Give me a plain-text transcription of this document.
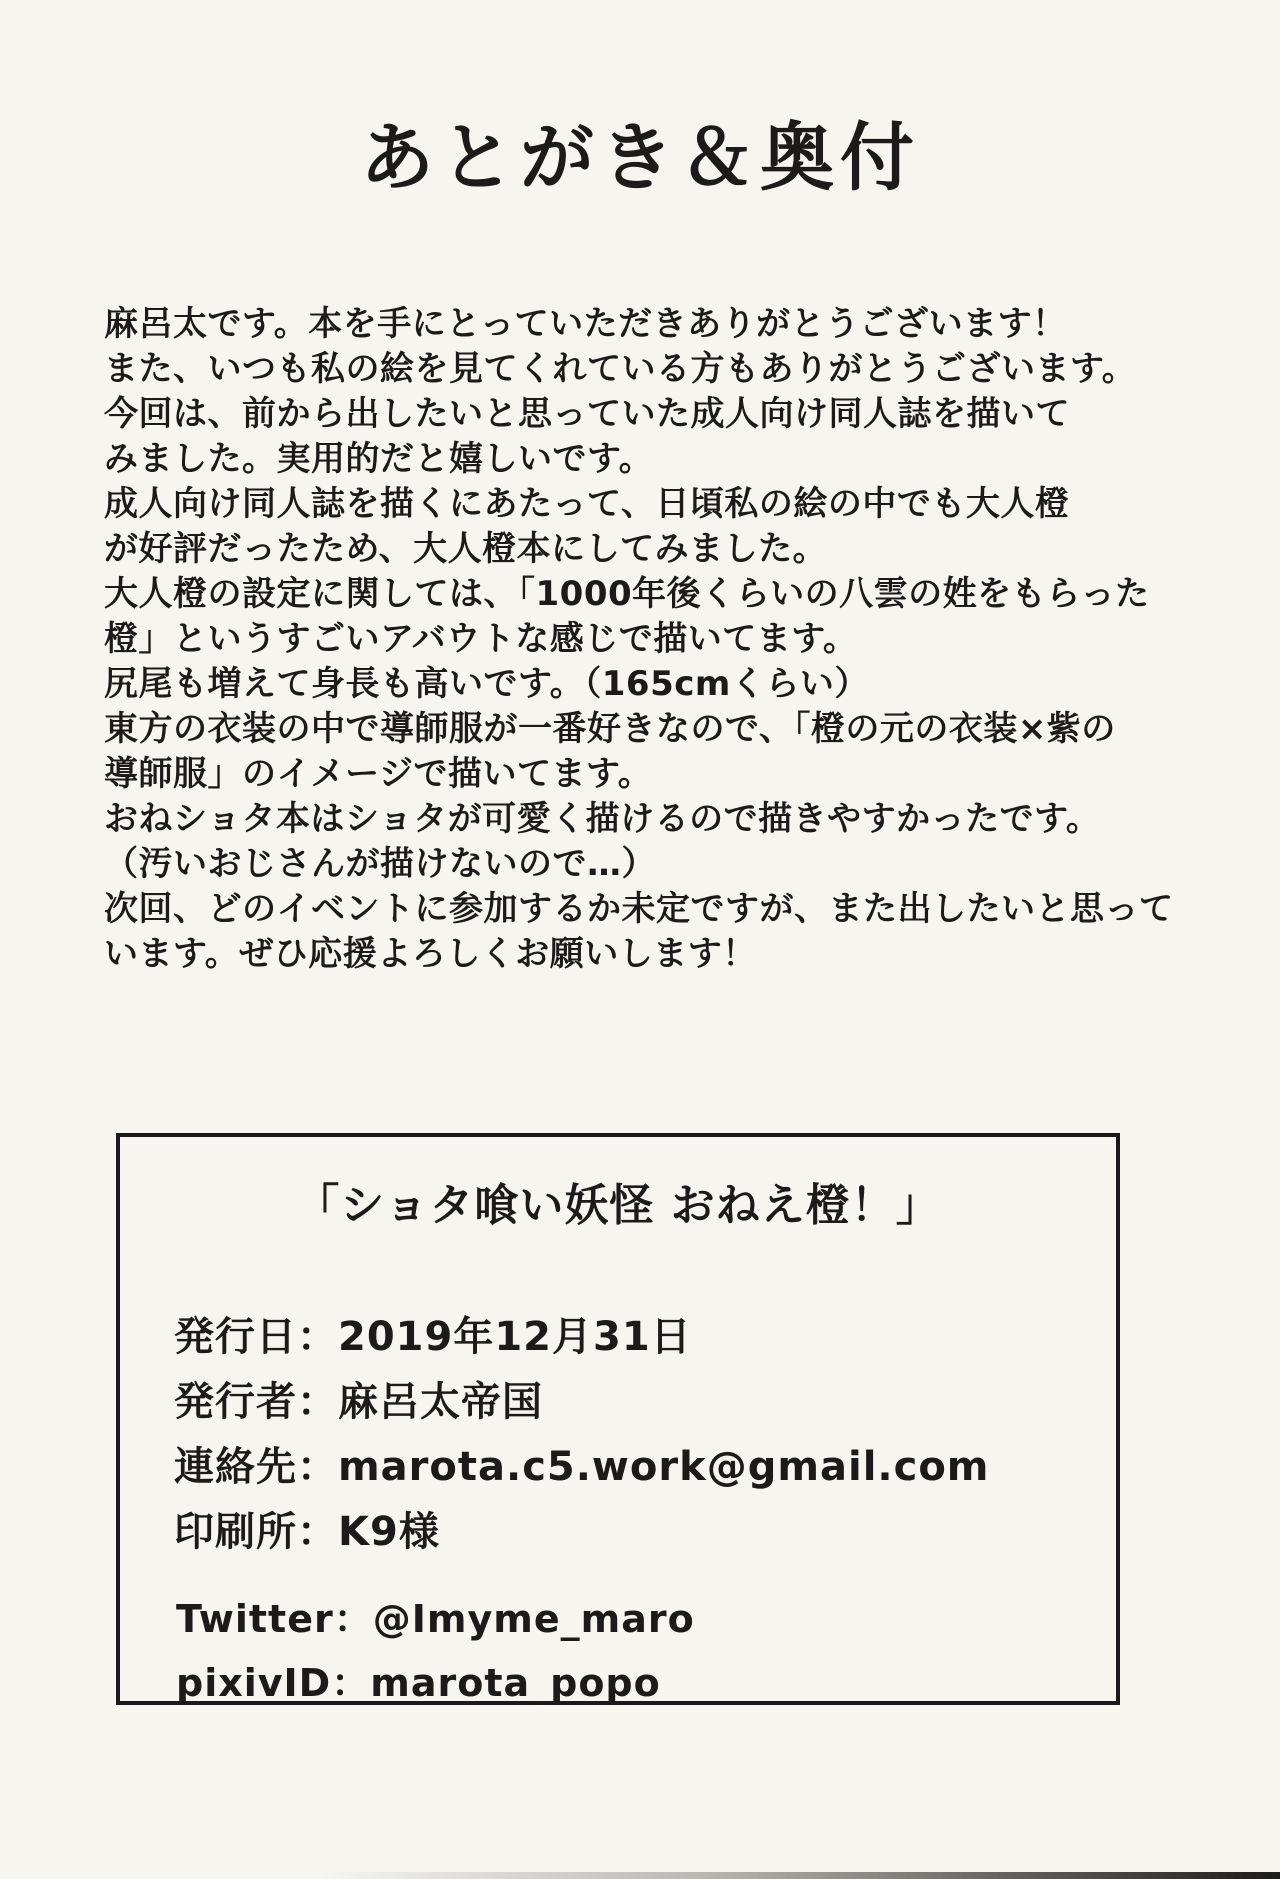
あとがき＆奥付
麻呂太です。本を手にとっていただきありがとうございます！
また、いつも私の絵を見てくれている方もありがとうございます。
今回は、前から出したいと思っていた成人向け同人誌を描いて
みました。実用的だと嬉しいです。
成人向け同人誌を描くにあたって、日頃私の絵の中でも大人橙
が好評だったため、大人橙本にしてみました。
大人橙の設定に関しては、「1000年後くらいの八雲の姓をもらった
橙」というすごいアバウトな感じで描いてます。
尻尾も増えて身長も高いです。（165cmくらい）
東方の衣装の中で導師服が一番好きなので、「橙の元の衣装×紫の
導師服」のイメージで描いてます。
おねショタ本はショタが可愛く描けるので描きやすかったです。
（汚いおじさんが描けないので…）
次回、どのイベントに参加するか未定ですが、また出したいと思って
います。ぜひ応援よろしくお願いします！
「ショタ喰い妖怪 おねえ橙！」
発行日：2019年12月31日
発行者：麻呂太帝国
連絡先：marota.c5.work@gmail.com
印刷所：K9様
Twitter：@Imyme_maro
pixivID：marota_popo
